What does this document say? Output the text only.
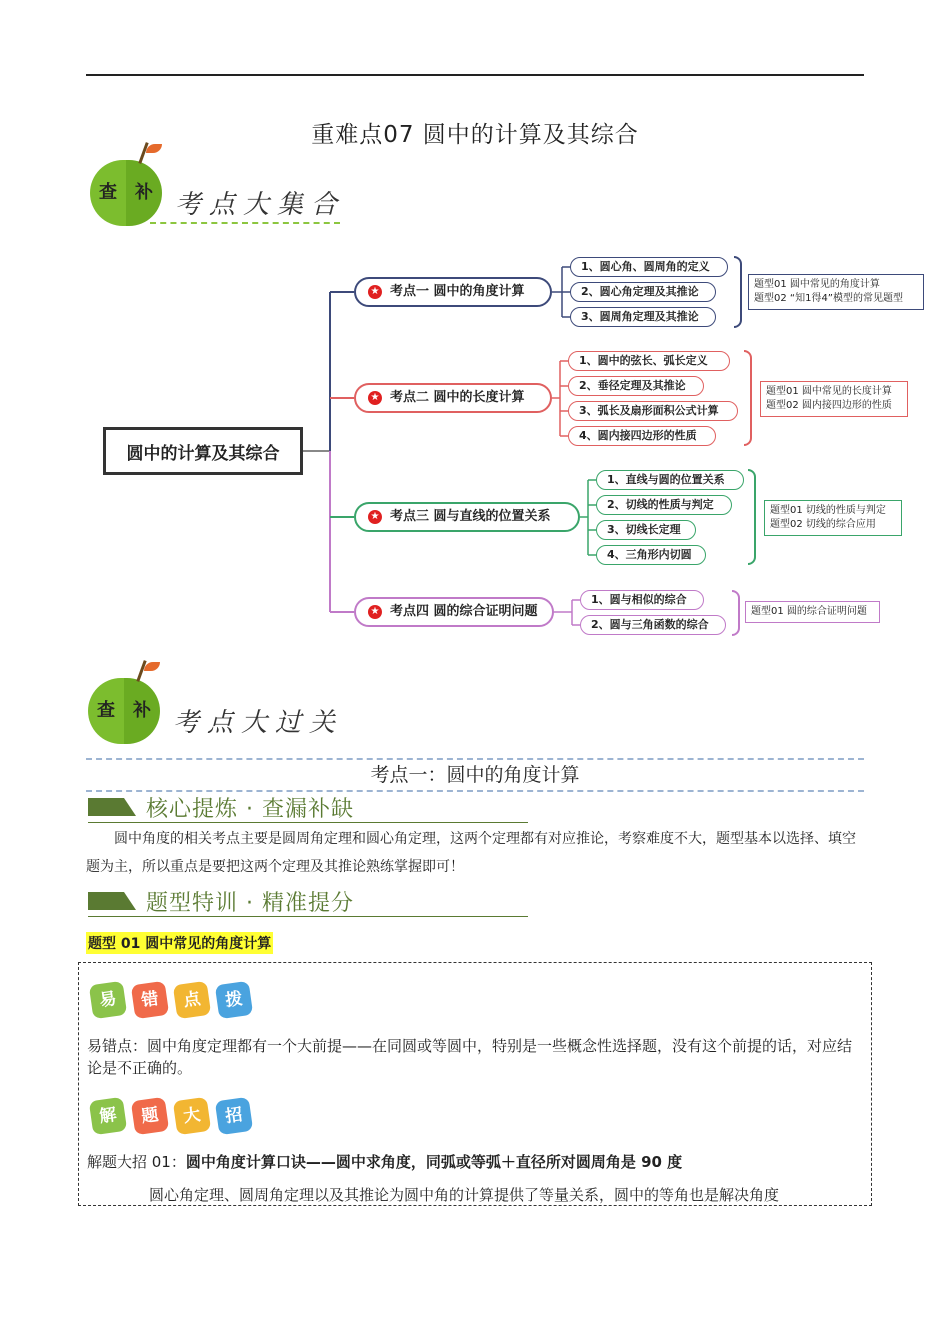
重难点07 圆中的计算及其综合
查 补 考点大集合
圆中的计算及其综合
★ 考点一 圆中的角度计算
★ 考点二 圆中的长度计算
★ 考点三 圆与直线的位置关系
★ 考点四 圆的综合证明问题
1、圆心角、圆周角的定义
2、圆心角定理及其推论
3、圆周角定理及其推论
1、圆中的弦长、弧长定义
2、垂径定理及其推论
3、弧长及扇形面积公式计算
4、圆内接四边形的性质
1、直线与圆的位置关系
2、切线的性质与判定
3、切线长定理
4、三角形内切圆
1、圆与相似的综合
2、圆与三角函数的综合
题型01 圆中常见的角度计算
题型02 “知1得4”模型的常见题型
题型01 圆中常见的长度计算
题型02 圆内接四边形的性质
题型01 切线的性质与判定
题型02 切线的综合应用
题型01 圆的综合证明问题
查 补 考点大过关
考点一：圆中的角度计算
核心提炼 · 查漏补缺
圆中角度的相关考点主要是圆周角定理和圆心角定理，这两个定理都有对应推论，考察难度不大，题型基本以选择、填空题为主，所以重点是要把这两个定理及其推论熟练掌握即可！
题型特训 · 精准提分
题型 01 圆中常见的角度计算
易	错	点	拨
易错点：圆中角度定理都有一个大前提——在同圆或等圆中，特别是一些概念性选择题，没有这个前提的话，对应结论是不正确的。
解	题	大	招
解题大招 01：圆中角度计算口诀——圆中求角度，同弧或等弧＋直径所对圆周角是 90 度
圆心角定理、圆周角定理以及其推论为圆中角的计算提供了等量关系，圆中的等角也是解决角度
